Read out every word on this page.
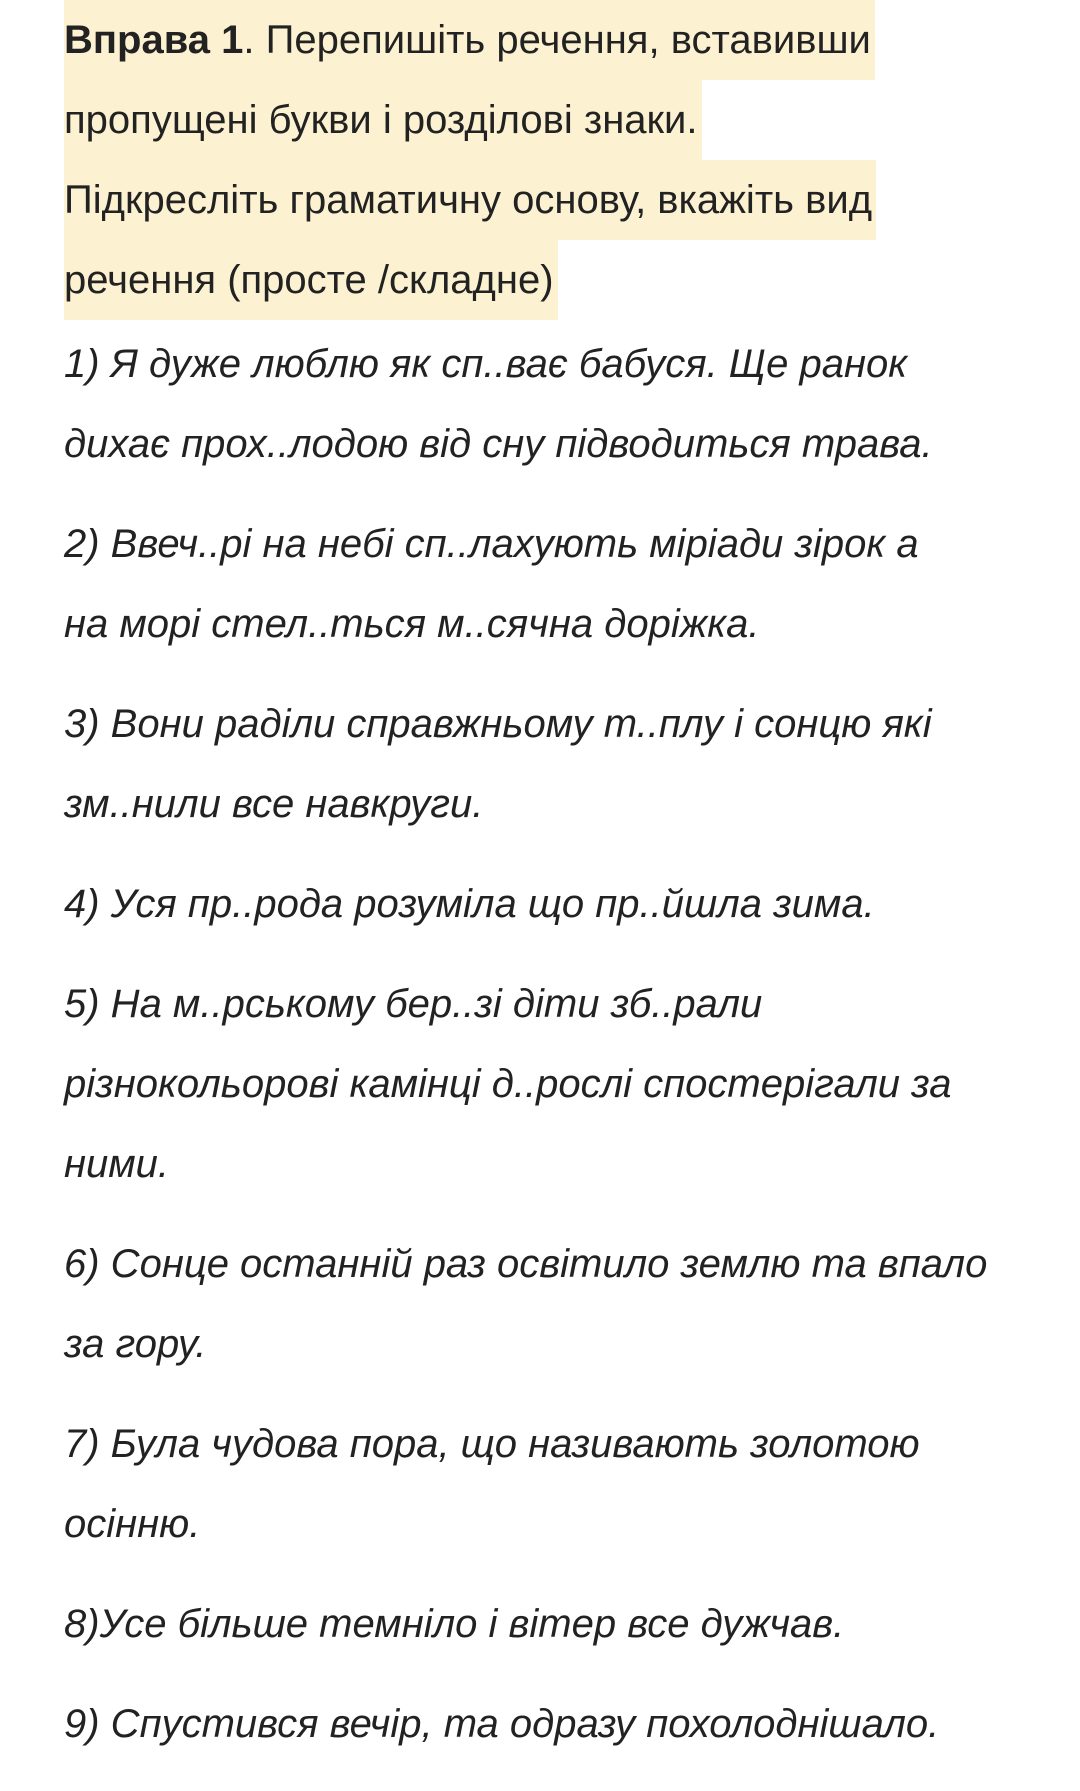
Вправа 1. Перепишіть речення, вставивши
пропущені букви і розділові знаки.
Підкресліть граматичну основу, вкажіть вид
речення (просте /складне)
1) Я дуже люблю як сп..ває бабуся. Ще ранок
дихає прох..лодою від сну підводиться трава.
2) Ввеч..рі на небі сп..лахують міріади зірок а
на морі стел..ться м..сячна доріжка.
3) Вони раділи справжньому т..плу і сонцю які
зм..нили все навкруги.
4) Уся пр..рода розуміла що пр..йшла зима.
5) На м..рському бер..зі діти зб..рали
різнокольорові камінці д..рослі спостерігали за
ними.
6) Сонце останній раз освітило землю та впало
за гору.
7) Була чудова пора, що називають золотою
осінню.
8)Усе більше темніло і вітер все дужчав.
9) Спустився вечір, та одразу похолоднішало.
